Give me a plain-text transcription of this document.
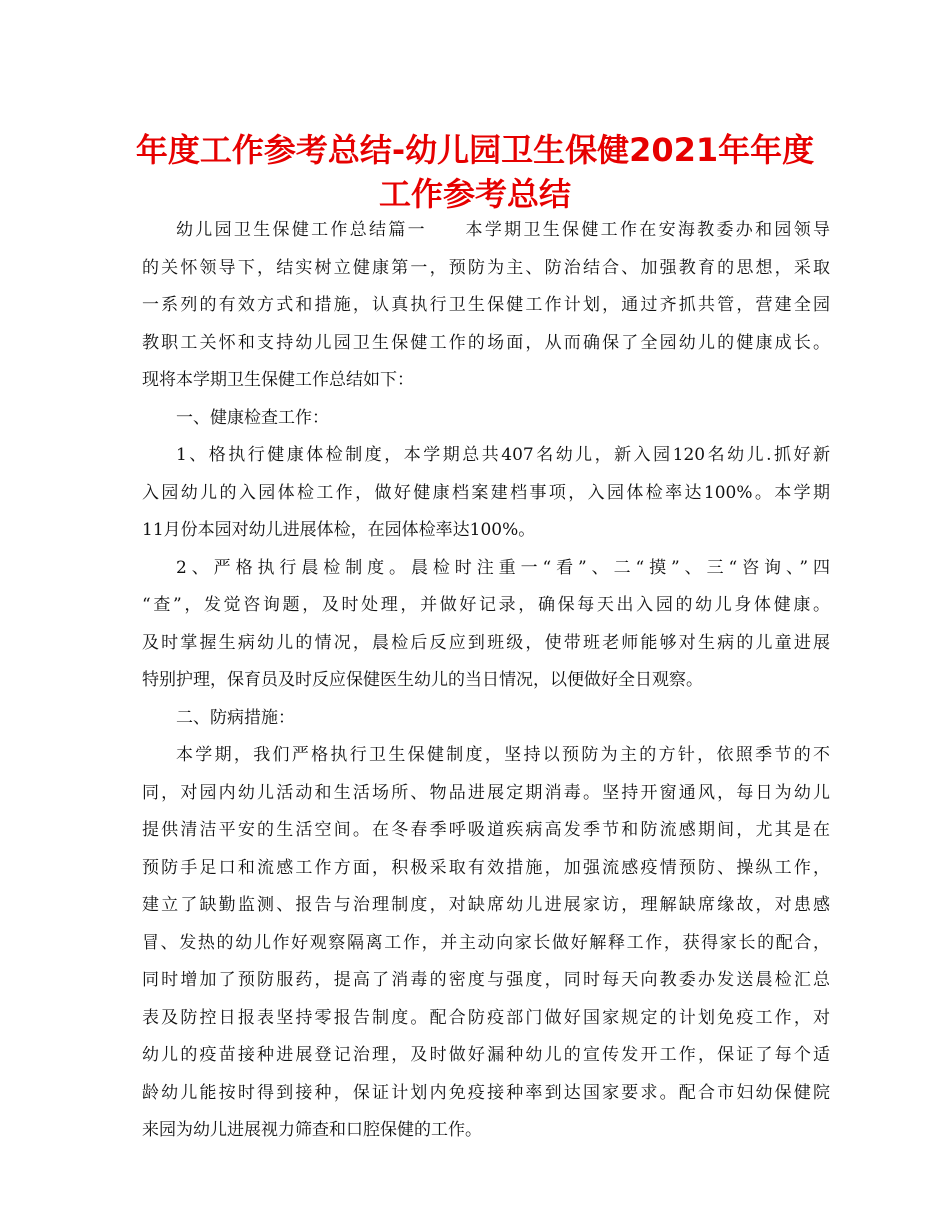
年度工作参考总结-幼儿园卫生保健2021年年度
工作参考总结
幼儿园卫生保健工作总结篇一　　本学期卫生保健工作在安海教委办和园领导
的关怀领导下，结实树立健康第一，预防为主、防治结合、加强教育的思想，采取
一系列的有效方式和措施，认真执行卫生保健工作计划，通过齐抓共管，营建全园
教职工关怀和支持幼儿园卫生保健工作的场面，从而确保了全园幼儿的健康成长。
现将本学期卫生保健工作总结如下：
一、健康检查工作：
1、格执行健康体检制度，本学期总共407名幼儿，新入园120名幼儿.抓好新
入园幼儿的入园体检工作，做好健康档案建档事项，入园体检率达100%。本学期
11月份本园对幼儿进展体检，在园体检率达100%。
2、严格执行晨检制度。晨检时注重一“看”、二“摸”、三“咨询、”四
“查”，发觉咨询题，及时处理，并做好记录，确保每天出入园的幼儿身体健康。
及时掌握生病幼儿的情况，晨检后反应到班级，使带班老师能够对生病的儿童进展
特别护理，保育员及时反应保健医生幼儿的当日情况，以便做好全日观察。
二、防病措施：
本学期，我们严格执行卫生保健制度，坚持以预防为主的方针，依照季节的不
同，对园内幼儿活动和生活场所、物品进展定期消毒。坚持开窗通风，每日为幼儿
提供清洁平安的生活空间。在冬春季呼吸道疾病高发季节和防流感期间，尤其是在
预防手足口和流感工作方面，积极采取有效措施，加强流感疫情预防、操纵工作，
建立了缺勤监测、报告与治理制度，对缺席幼儿进展家访，理解缺席缘故，对患感
冒、发热的幼儿作好观察隔离工作，并主动向家长做好解释工作，获得家长的配合，
同时增加了预防服药，提高了消毒的密度与强度，同时每天向教委办发送晨检汇总
表及防控日报表坚持零报告制度。配合防疫部门做好国家规定的计划免疫工作，对
幼儿的疫苗接种进展登记治理，及时做好漏种幼儿的宣传发开工作，保证了每个适
龄幼儿能按时得到接种，保证计划内免疫接种率到达国家要求。配合市妇幼保健院
来园为幼儿进展视力筛查和口腔保健的工作。
